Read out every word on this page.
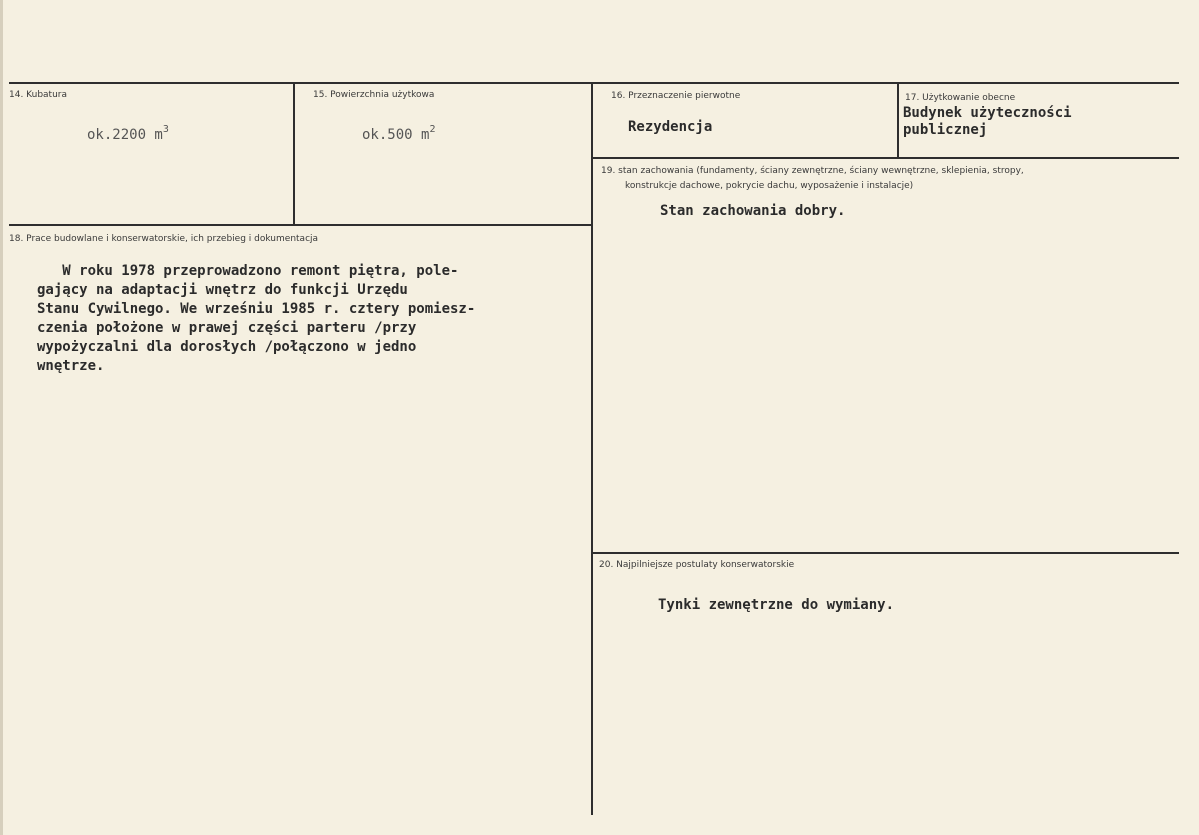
14. Kubatura
ok.2200 $m^3$
15. Powierzchnia użytkowa
ok.500 $m^2$
16. Przeznaczenie pierwotne
Rezydencja
17. Użytkowanie obecne
Budynek użyteczności
publicznej
18. Prace budowlane i konserwatorskie, ich przebieg i dokumentacja
W roku 1978 przeprowadzono remont piętra, pole-
gający na adaptacji wnętrz do funkcji Urzędu
Stanu Cywilnego. We wrześniu 1985 r. cztery pomiesz-
czenia położone w prawej części parteru /przy
wypożyczalni dla dorosłych /połączono w jedno
wnętrze.
19. stan zachowania (fundamenty, ściany zewnętrzne, ściany wewnętrzne, sklepienia, stropy,
konstrukcje dachowe, pokrycie dachu, wyposażenie i instalacje)
Stan zachowania dobry.
20. Najpilniejsze postulaty konserwatorskie
Tynki zewnętrzne do wymiany.
